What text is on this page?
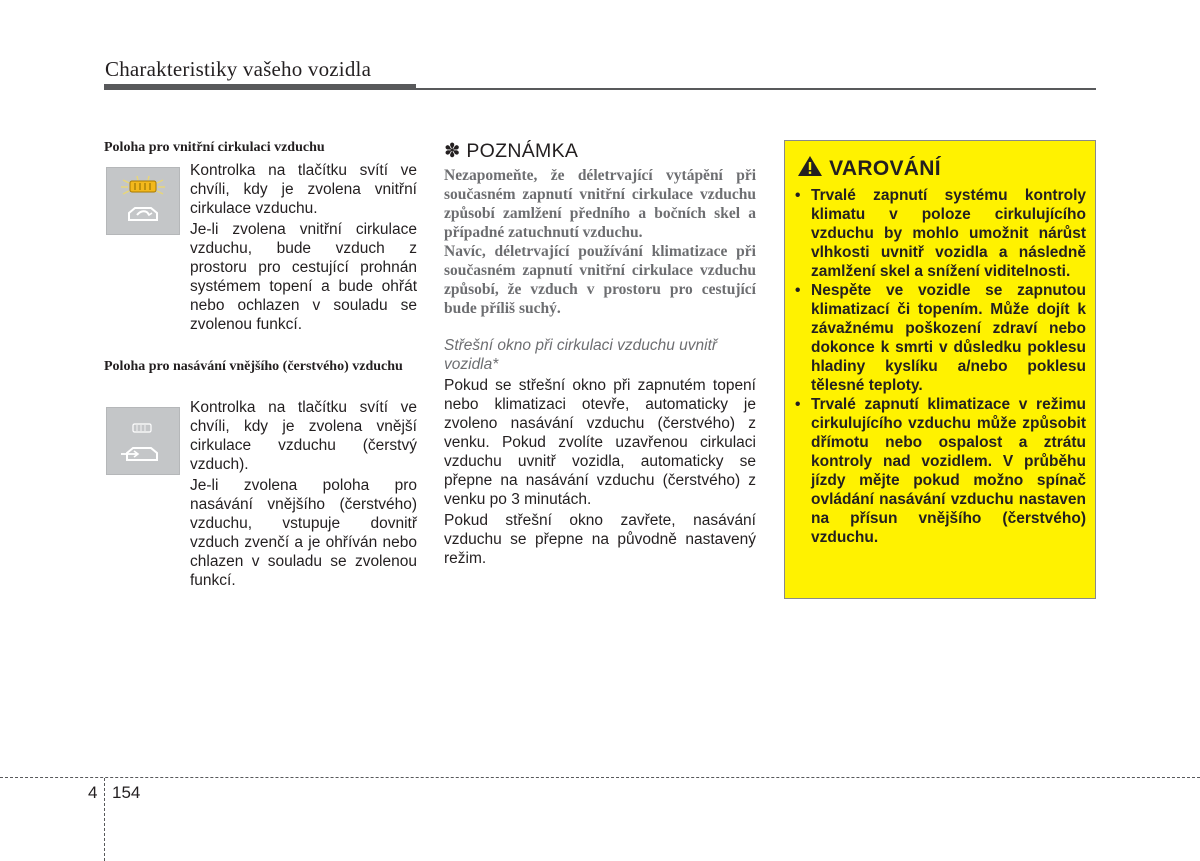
Charakteristiky vašeho vozidla
Poloha pro vnitřní cirkulaci vzduchu

Kontrolka na tlačítku svítí ve chvíli, kdy je zvolena vnitřní cirkulace vzduchu.

Je-li zvolena vnitřní cirkulace vzduchu, bude vzduch z prostoru pro cestující prohnán systémem topení a bude ohřát nebo ochlazen v souladu se zvolenou funkcí.

Poloha pro nasávání vnějšího (čerstvého) vzduchu

Kontrolka na tlačítku svítí ve chvíli, kdy je zvolena vnější cirkulace vzduchu (čerstvý vzduch).

Je-li zvolena poloha pro nasávání vnějšího (čerstvého) vzduchu, vstupuje dovnitř vzduch zvenčí a je ohříván nebo chlazen v souladu se zvolenou funkcí.

✽ POZNÁMKA

Nezapomeňte, že déletrvající vytápění při současném zapnutí vnitřní cirkulace vzduchu způsobí zamlžení předního a bočních skel a případné zatuchnutí vzduchu.

Navíc, déletrvající používání klimatizace při současném zapnutí vnitřní cirkulace vzduchu způsobí, že vzduch v prostoru pro cestující bude příliš suchý.

Střešní okno při cirkulaci vzduchu uvnitř vozidla*

Pokud se střešní okno při zapnutém topení nebo klimatizaci otevře, automaticky je zvoleno nasávání vzduchu (čerstvého) z venku. Pokud zvolíte uzavřenou cirkulaci vzduchu uvnitř vozidla, automaticky se přepne na nasávání vzduchu (čerstvého) z venku po 3 minutách.

Pokud střešní okno zavřete, nasávání vzduchu se přepne na původně nastavený režim.

VAROVÁNÍ
• Trvalé zapnutí systému kontroly klimatu v poloze cirkulujícího vzduchu by mohlo umožnit nárůst vlhkosti uvnitř vozidla a následně zamlžení skel a snížení viditelnosti.
• Nespěte ve vozidle se zapnutou klimatizací či topením. Může dojít k závažnému poškození zdraví nebo dokonce k smrti v důsledku poklesu hladiny kyslíku a/nebo poklesu tělesné teploty.
• Trvalé zapnutí klimatizace v režimu cirkulujícího vzduchu může způsobit dřímotu nebo ospalost a ztrátu kontroly nad vozidlem. V průběhu jízdy mějte pokud možno spínač ovládání nasávání vzduchu nastaven na přísun vnějšího (čerstvého) vzduchu.
4 154
